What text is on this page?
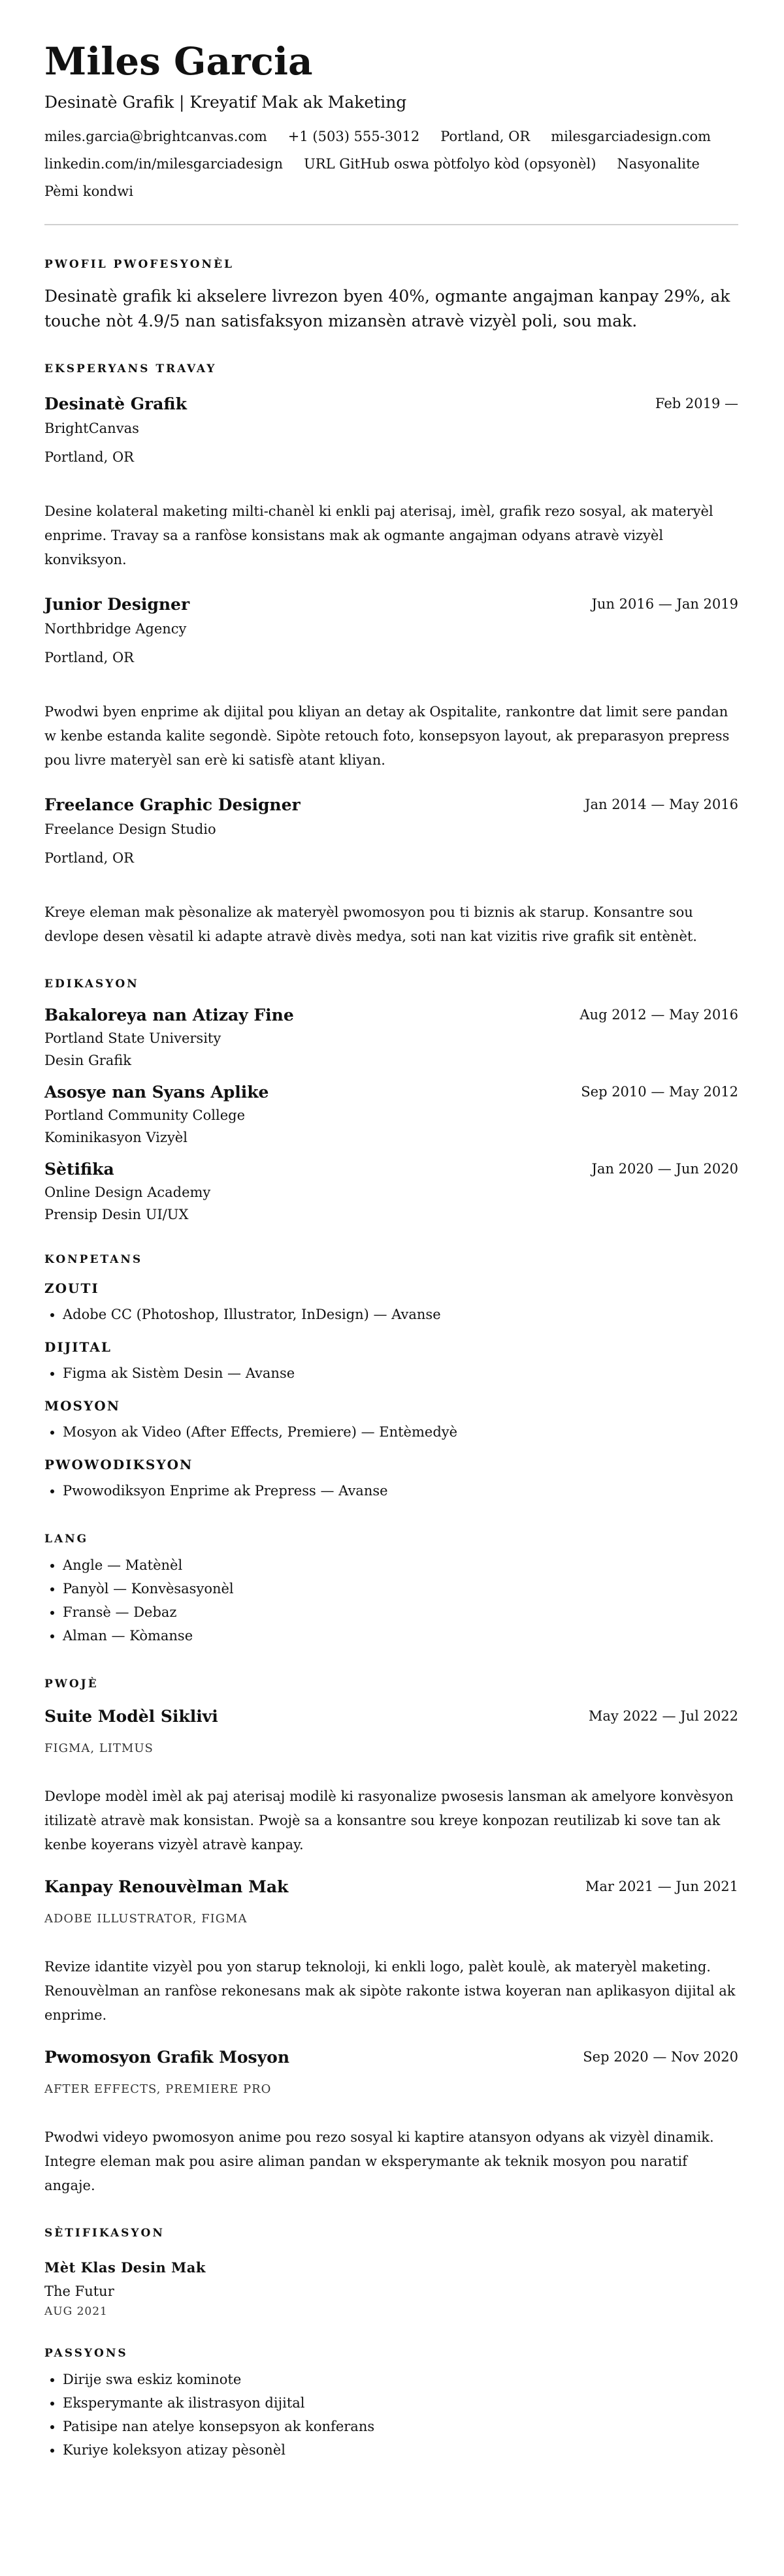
Miles Garcia
Desinatè Grafik | Kreyatif Mak ak Maketing
miles.garcia@brightcanvas.com +1 (503) 555-3012 Portland, OR milesgarciadesign.com
linkedin.com/in/milesgarciadesign URL GitHub oswa pòtfolyo kòd (opsyonèl) Nasyonalite
Pèmi kondwi
PWOFIL PWOFESYONÈL
Desinatè grafik ki akselere livrezon byen 40%, ogmante angajman kanpay 29%, ak touche nòt 4.9/5 nan satisfaksyon mizansèn atravè vizyèl poli, sou mak.
EKSPERYANS TRAVAY
Desinatè Grafik	Feb 2019 —
BrightCanvas
Portland, OR
Desine kolateral maketing milti-chanèl ki enkli paj aterisaj, imèl, grafik rezo sosyal, ak materyèl enprime. Travay sa a ranfòse konsistans mak ak ogmante angajman odyans atravè vizyèl konviksyon.
Junior Designer	Jun 2016 — Jan 2019
Northbridge Agency
Portland, OR
Pwodwi byen enprime ak dijital pou kliyan an detay ak Ospitalite, rankontre dat limit sere pandan w kenbe estanda kalite segondè. Sipòte retouch foto, konsepsyon layout, ak preparasyon prepress pou livre materyèl san erè ki satisfè atant kliyan.
Freelance Graphic Designer	Jan 2014 — May 2016
Freelance Design Studio
Portland, OR
Kreye eleman mak pèsonalize ak materyèl pwomosyon pou ti biznis ak starup. Konsantre sou devlope desen vèsatil ki adapte atravè divès medya, soti nan kat vizitis rive grafik sit entènèt.
EDIKASYON
Bakaloreya nan Atizay Fine	Aug 2012 — May 2016
Portland State University
Desin Grafik
Asosye nan Syans Aplike	Sep 2010 — May 2012
Portland Community College
Kominikasyon Vizyèl
Sètifika	Jan 2020 — Jun 2020
Online Design Academy
Prensip Desin UI/UX
KONPETANS
ZOUTI
• Adobe CC (Photoshop, Illustrator, InDesign) — Avanse
DIJITAL
• Figma ak Sistèm Desin — Avanse
MOSYON
• Mosyon ak Video (After Effects, Premiere) — Entèmedyè
PWOWODIKSYON
• Pwowodiksyon Enprime ak Prepress — Avanse
LANG
• Angle — Matènèl
• Panyòl — Konvèsasyonèl
• Fransè — Debaz
• Alman — Kòmanse
PWOJÈ
Suite Modèl Siklivi	May 2022 — Jul 2022
FIGMA, LITMUS
Devlope modèl imèl ak paj aterisaj modilè ki rasyonalize pwosesis lansman ak amelyore konvèsyon itilizatè atravè mak konsistan. Pwojè sa a konsantre sou kreye konpozan reutilizab ki sove tan ak kenbe koyerans vizyèl atravè kanpay.
Kanpay Renouvèlman Mak	Mar 2021 — Jun 2021
ADOBE ILLUSTRATOR, FIGMA
Revize idantite vizyèl pou yon starup teknoloji, ki enkli logo, palèt koulè, ak materyèl maketing. Renouvèlman an ranfòse rekonesans mak ak sipòte rakonte istwa koyeran nan aplikasyon dijital ak enprime.
Pwomosyon Grafik Mosyon	Sep 2020 — Nov 2020
AFTER EFFECTS, PREMIERE PRO
Pwodwi videyo pwomosyon anime pou rezo sosyal ki kaptire atansyon odyans ak vizyèl dinamik. Integre eleman mak pou asire aliman pandan w eksperymante ak teknik mosyon pou naratif angaje.
SÈTIFIKASYON
Mèt Klas Desin Mak
The Futur
AUG 2021
PASSYONS
• Dirije swa eskiz kominote
• Eksperymante ak ilistrasyon dijital
• Patisipe nan atelye konsepsyon ak konferans
• Kuriye koleksyon atizay pèsonèl
